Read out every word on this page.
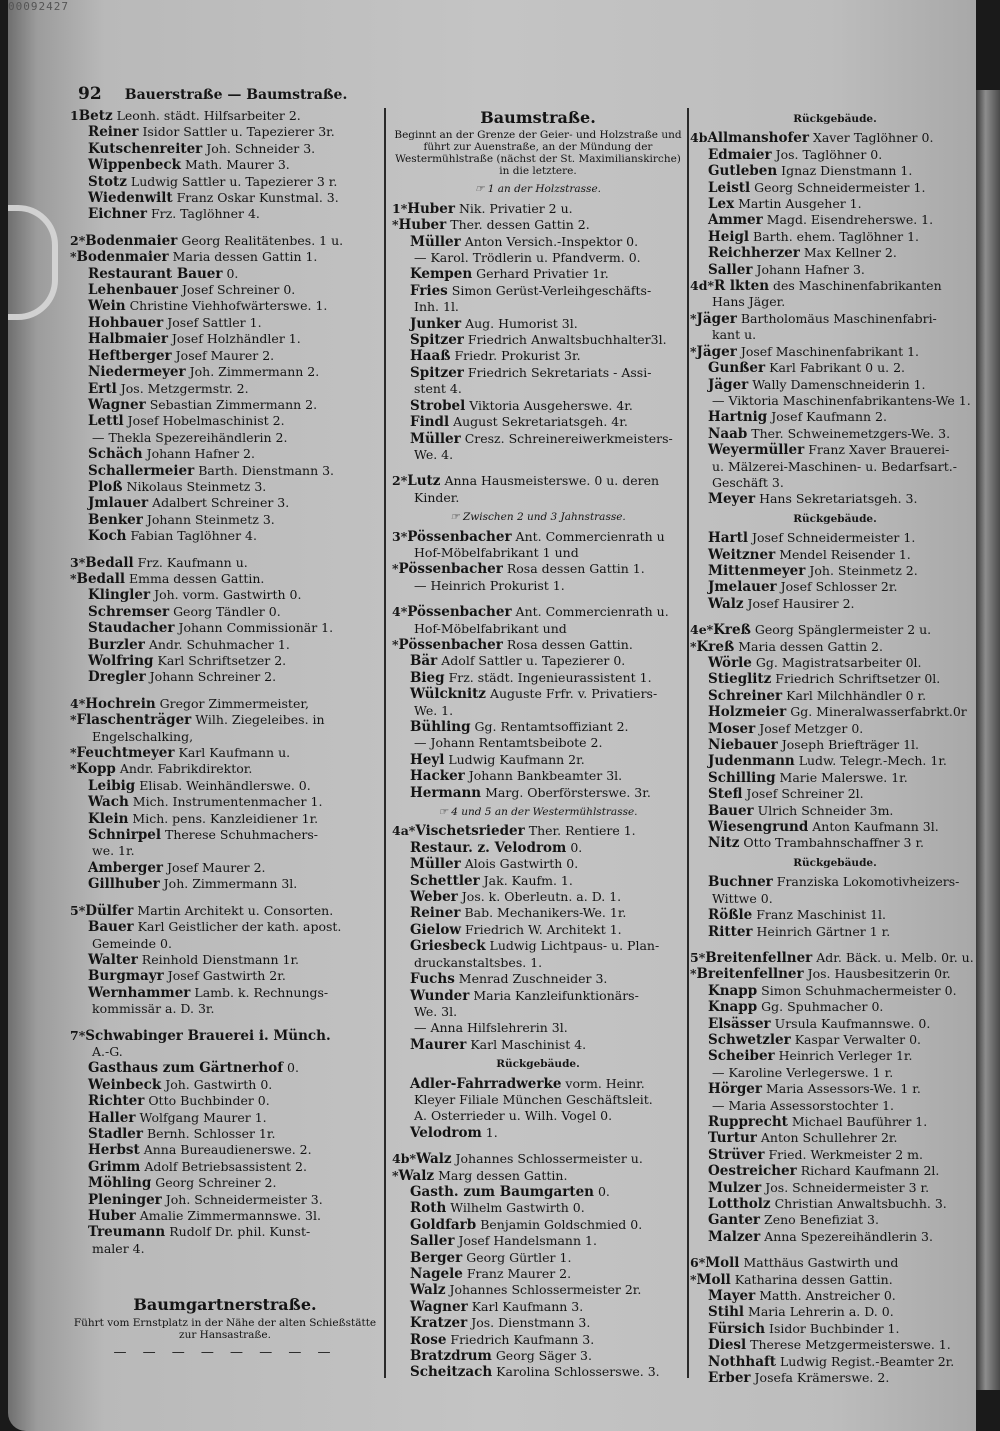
00092427
92 Bauerstraße — Baumstraße.
1Betz Leonh. städt. Hilfsarbeiter 2.
Reiner Isidor Sattler u. Tapezierer 3r.
Kutschenreiter Joh. Schneider 3.
Wippenbeck Math. Maurer 3.
Stotz Ludwig Sattler u. Tapezierer 3 r.
Wiedenwilt Franz Oskar Kunstmal. 3.
Eichner Frz. Taglöhner 4.
2*Bodenmaier Georg Realitätenbes. 1 u.
*Bodenmaier Maria dessen Gattin 1.
Restaurant Bauer 0.
Lehenbauer Josef Schreiner 0.
Wein Christine Viehhofwärterswe. 1.
Hohbauer Josef Sattler 1.
Halbmaier Josef Holzhändler 1.
Heftberger Josef Maurer 2.
Niedermeyer Joh. Zimmermann 2.
Ertl Jos. Metzgermstr. 2.
Wagner Sebastian Zimmermann 2.
Lettl Josef Hobelmaschinist 2.
— Thekla Spezereihändlerin 2.
Schäch Johann Hafner 2.
Schallermeier Barth. Dienstmann 3.
Ploß Nikolaus Steinmetz 3.
Jmlauer Adalbert Schreiner 3.
Benker Johann Steinmetz 3.
Koch Fabian Taglöhner 4.
3*Bedall Frz. Kaufmann u.
*Bedall Emma dessen Gattin.
Klingler Joh. vorm. Gastwirth 0.
Schremser Georg Tändler 0.
Staudacher Johann Commissionär 1.
Burzler Andr. Schuhmacher 1.
Wolfring Karl Schriftsetzer 2.
Dregler Johann Schreiner 2.
4*Hochrein Gregor Zimmermeister,
*Flaschenträger Wilh. Ziegeleibes. in
Engelschalking,
*Feuchtmeyer Karl Kaufmann u.
*Kopp Andr. Fabrikdirektor.
Leibig Elisab. Weinhändlerswe. 0.
Wach Mich. Instrumentenmacher 1.
Klein Mich. pens. Kanzleidiener 1r.
Schnirpel Therese Schuhmachers-
we. 1r.
Amberger Josef Maurer 2.
Gillhuber Joh. Zimmermann 3l.
5*Dülfer Martin Architekt u. Consorten.
Bauer Karl Geistlicher der kath. apost.
Gemeinde 0.
Walter Reinhold Dienstmann 1r.
Burgmayr Josef Gastwirth 2r.
Wernhammer Lamb. k. Rechnungs-
kommissär a. D. 3r.
7*Schwabinger Brauerei i. Münch.
A.-G.
Gasthaus zum Gärtnerhof 0.
Weinbeck Joh. Gastwirth 0.
Richter Otto Buchbinder 0.
Haller Wolfgang Maurer 1.
Stadler Bernh. Schlosser 1r.
Herbst Anna Bureaudienerswe. 2.
Grimm Adolf Betriebsassistent 2.
Möhling Georg Schreiner 2.
Pleninger Joh. Schneidermeister 3.
Huber Amalie Zimmermannswe. 3l.
Treumann Rudolf Dr. phil. Kunst-
maler 4.
Baumgartnerstraße.
Führt vom Ernstplatz in der Nähe der alten Schießstätte zur Hansastraße.
— — — — — — — —
Baumstraße.
Beginnt an der Grenze der Geier- und Holzstraße und führt zur Auenstraße, an der Mündung der Westermühlstraße (nächst der St. Maximilianskirche) in die letztere.
☞ 1 an der Holzstrasse.
1*Huber Nik. Privatier 2 u.
*Huber Ther. dessen Gattin 2.
Müller Anton Versich.-Inspektor 0.
— Karol. Trödlerin u. Pfandverm. 0.
Kempen Gerhard Privatier 1r.
Fries Simon Gerüst-Verleihgeschäfts-
Inh. 1l.
Junker Aug. Humorist 3l.
Spitzer Friedrich Anwaltsbuchhalter3l.
Haaß Friedr. Prokurist 3r.
Spitzer Friedrich Sekretariats - Assi-
stent 4.
Strobel Viktoria Ausgeherswe. 4r.
Findl August Sekretariatsgeh. 4r.
Müller Cresz. Schreinereiwerkmeisters-
We. 4.
2*Lutz Anna Hausmeisterswe. 0 u. deren
Kinder.
☞ Zwischen 2 und 3 Jahnstrasse.
3*Pössenbacher Ant. Commercienrath u
Hof-Möbelfabrikant 1 und
*Pössenbacher Rosa dessen Gattin 1.
— Heinrich Prokurist 1.
4*Pössenbacher Ant. Commercienrath u.
Hof-Möbelfabrikant und
*Pössenbacher Rosa dessen Gattin.
Bär Adolf Sattler u. Tapezierer 0.
Bieg Frz. städt. Ingenieurassistent 1.
Wülcknitz Auguste Frfr. v. Privatiers-
We. 1.
Bühling Gg. Rentamtsoffiziant 2.
— Johann Rentamtsbeibote 2.
Heyl Ludwig Kaufmann 2r.
Hacker Johann Bankbeamter 3l.
Hermann Marg. Oberförsterswe. 3r.
☞ 4 und 5 an der Westermühlstrasse.
4a*Vischetsrieder Ther. Rentiere 1.
Restaur. z. Velodrom 0.
Müller Alois Gastwirth 0.
Schettler Jak. Kaufm. 1.
Weber Jos. k. Oberleutn. a. D. 1.
Reiner Bab. Mechanikers-We. 1r.
Gielow Friedrich W. Architekt 1.
Griesbeck Ludwig Lichtpaus- u. Plan-
druckanstaltsbes. 1.
Fuchs Menrad Zuschneider 3.
Wunder Maria Kanzleifunktionärs-
We. 3l.
— Anna Hilfslehrerin 3l.
Maurer Karl Maschinist 4.
Rückgebäude.
Adler-Fahrradwerke vorm. Heinr.
Kleyer Filiale München Geschäftsleit.
A. Osterrieder u. Wilh. Vogel 0.
Velodrom 1.
4b*Walz Johannes Schlossermeister u.
*Walz Marg dessen Gattin.
Gasth. zum Baumgarten 0.
Roth Wilhelm Gastwirth 0.
Goldfarb Benjamin Goldschmied 0.
Saller Josef Handelsmann 1.
Berger Georg Gürtler 1.
Nagele Franz Maurer 2.
Walz Johannes Schlossermeister 2r.
Wagner Karl Kaufmann 3.
Kratzer Jos. Dienstmann 3.
Rose Friedrich Kaufmann 3.
Bratzdrum Georg Säger 3.
Scheitzach Karolina Schlosserswe. 3.
Rückgebäude.
4bAllmanshofer Xaver Taglöhner 0.
Edmaier Jos. Taglöhner 0.
Gutleben Ignaz Dienstmann 1.
Leistl Georg Schneidermeister 1.
Lex Martin Ausgeher 1.
Ammer Magd. Eisendreherswe. 1.
Heigl Barth. ehem. Taglöhner 1.
Reichherzer Max Kellner 2.
Saller Johann Hafner 3.
4d*R lkten des Maschinenfabrikanten
Hans Jäger.
*Jäger Bartholomäus Maschinenfabri-
kant u.
*Jäger Josef Maschinenfabrikant 1.
Gunßer Karl Fabrikant 0 u. 2.
Jäger Wally Damenschneiderin 1.
— Viktoria Maschinenfabrikantens-We 1.
Hartnig Josef Kaufmann 2.
Naab Ther. Schweinemetzgers-We. 3.
Weyermüller Franz Xaver Brauerei-
u. Mälzerei-Maschinen- u. Bedarfsart.-
Geschäft 3.
Meyer Hans Sekretariatsgeh. 3.
Rückgebäude.
Hartl Josef Schneidermeister 1.
Weitzner Mendel Reisender 1.
Mittenmeyer Joh. Steinmetz 2.
Jmelauer Josef Schlosser 2r.
Walz Josef Hausirer 2.
4e*Kreß Georg Spänglermeister 2 u.
*Kreß Maria dessen Gattin 2.
Wörle Gg. Magistratsarbeiter 0l.
Stieglitz Friedrich Schriftsetzer 0l.
Schreiner Karl Milchhändler 0 r.
Holzmeier Gg. Mineralwasserfabrkt.0r
Moser Josef Metzger 0.
Niebauer Joseph Briefträger 1l.
Judenmann Ludw. Telegr.-Mech. 1r.
Schilling Marie Malerswe. 1r.
Stefl Josef Schreiner 2l.
Bauer Ulrich Schneider 3m.
Wiesengrund Anton Kaufmann 3l.
Nitz Otto Trambahnschaffner 3 r.
Rückgebäude.
Buchner Franziska Lokomotivheizers-
Wittwe 0.
Rößle Franz Maschinist 1l.
Ritter Heinrich Gärtner 1 r.
5*Breitenfellner Adr. Bäck. u. Melb. 0r. u.
*Breitenfellner Jos. Hausbesitzerin 0r.
Knapp Simon Schuhmachermeister 0.
Knapp Gg. Spuhmacher 0.
Elsässer Ursula Kaufmannswe. 0.
Schwetzler Kaspar Verwalter 0.
Scheiber Heinrich Verleger 1r.
— Karoline Verlegerswe. 1 r.
Hörger Maria Assessors-We. 1 r.
— Maria Assessorstochter 1.
Rupprecht Michael Bauführer 1.
Turtur Anton Schullehrer 2r.
Strüver Fried. Werkmeister 2 m.
Oestreicher Richard Kaufmann 2l.
Mulzer Jos. Schneidermeister 3 r.
Lottholz Christian Anwaltsbuchh. 3.
Ganter Zeno Benefiziat 3.
Malzer Anna Spezereihändlerin 3.
6*Moll Matthäus Gastwirth und
*Moll Katharina dessen Gattin.
Mayer Matth. Anstreicher 0.
Stihl Maria Lehrerin a. D. 0.
Fürsich Isidor Buchbinder 1.
Diesl Therese Metzgermeisterswe. 1.
Nothhaft Ludwig Regist.-Beamter 2r.
Erber Josefa Krämerswe. 2.
